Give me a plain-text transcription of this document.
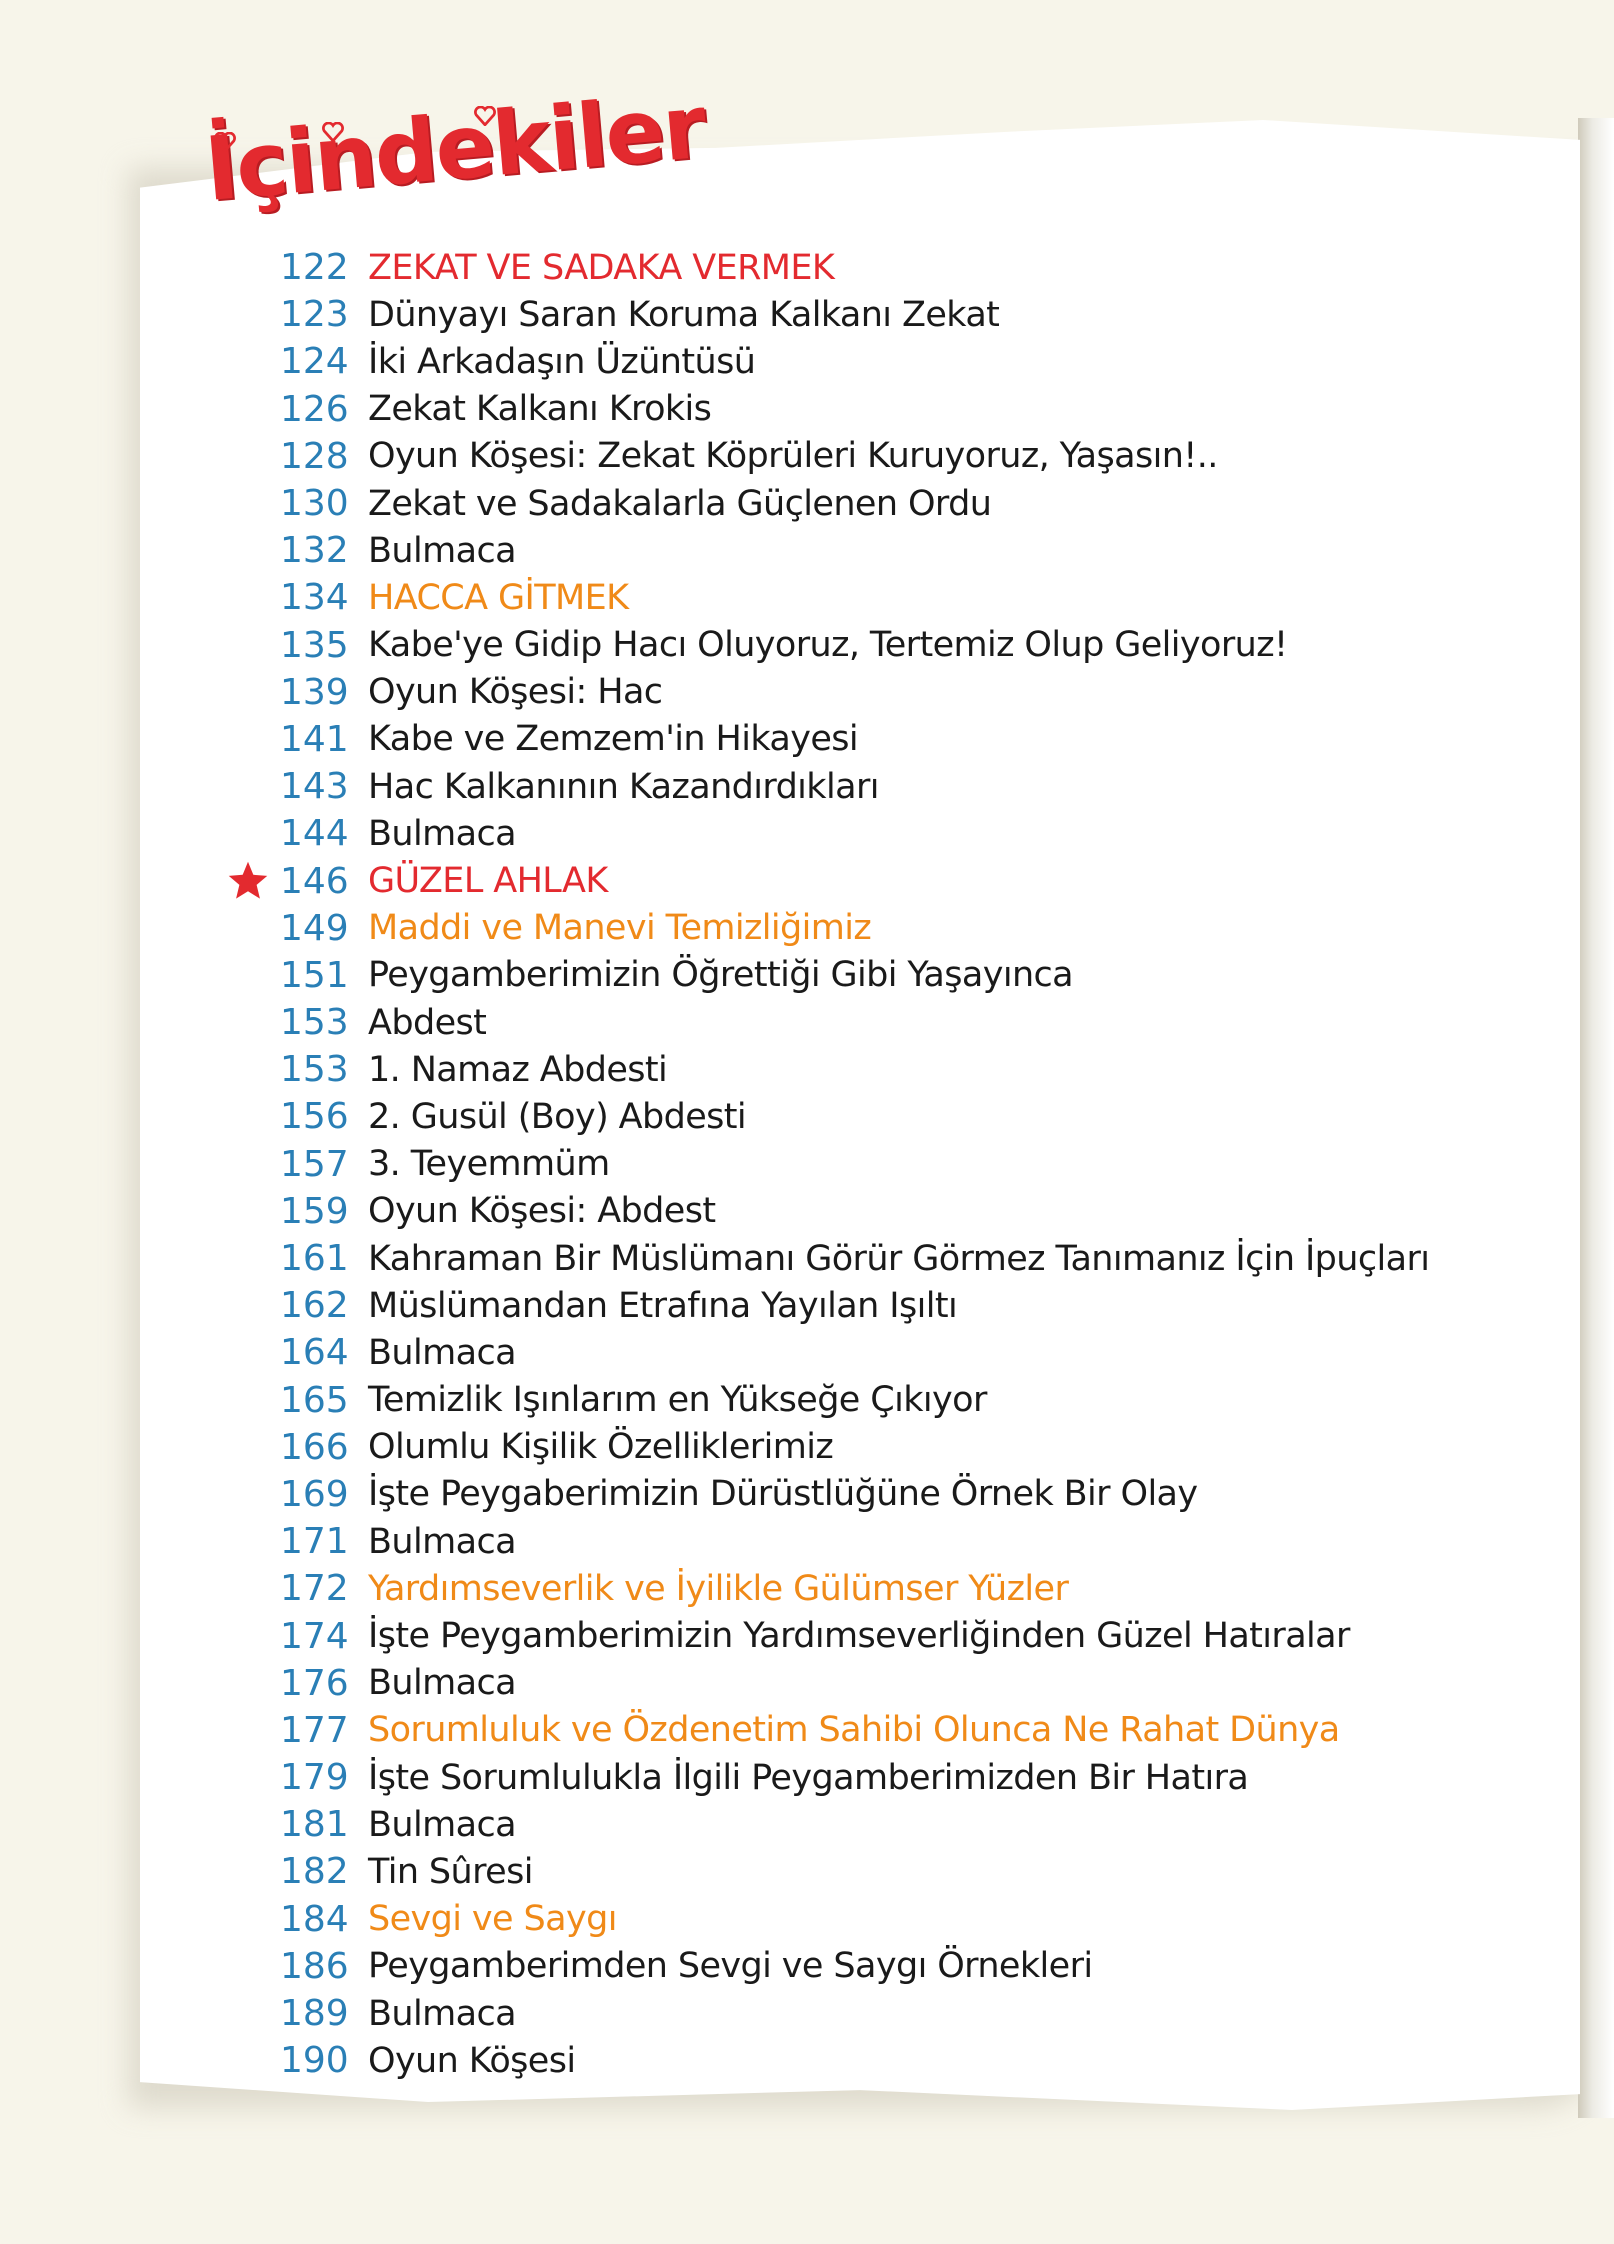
İçindekiler
122 ZEKAT VE SADAKA VERMEK
123 Dünyayı Saran Koruma Kalkanı Zekat
124 İki Arkadaşın Üzüntüsü
126 Zekat Kalkanı Krokis
128 Oyun Köşesi: Zekat Köprüleri Kuruyoruz, Yaşasın!..
130 Zekat ve Sadakalarla Güçlenen Ordu
132 Bulmaca
134 HACCA GİTMEK
135 Kabe'ye Gidip Hacı Oluyoruz, Tertemiz Olup Geliyoruz!
139 Oyun Köşesi: Hac
141 Kabe ve Zemzem'in Hikayesi
143 Hac Kalkanının Kazandırdıkları
144 Bulmaca
146 GÜZEL AHLAK
149 Maddi ve Manevi Temizliğimiz
151 Peygamberimizin Öğrettiği Gibi Yaşayınca
153 Abdest
153 1. Namaz Abdesti
156 2. Gusül (Boy) Abdesti
157 3. Teyemmüm
159 Oyun Köşesi: Abdest
161 Kahraman Bir Müslümanı Görür Görmez Tanımanız İçin İpuçları
162 Müslümandan Etrafına Yayılan Işıltı
164 Bulmaca
165 Temizlik Işınlarım en Yükseğe Çıkıyor
166 Olumlu Kişilik Özelliklerimiz
169 İşte Peygaberimizin Dürüstlüğüne Örnek Bir Olay
171 Bulmaca
172 Yardımseverlik ve İyilikle Gülümser Yüzler
174 İşte Peygamberimizin Yardımseverliğinden Güzel Hatıralar
176 Bulmaca
177 Sorumluluk ve Özdenetim Sahibi Olunca Ne Rahat Dünya
179 İşte Sorumlulukla İlgili Peygamberimizden Bir Hatıra
181 Bulmaca
182 Tin Sûresi
184 Sevgi ve Saygı
186 Peygamberimden Sevgi ve Saygı Örnekleri
189 Bulmaca
190 Oyun Köşesi
